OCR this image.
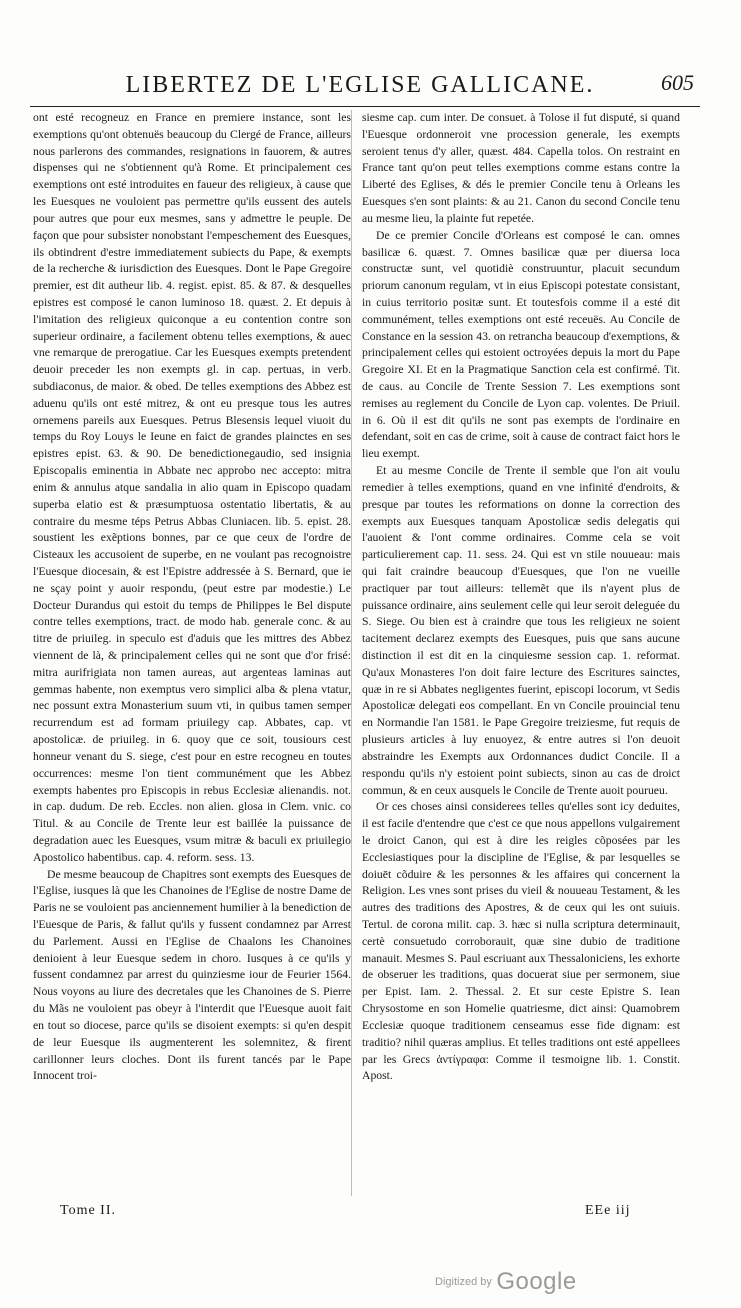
LIBERTEZ DE L'EGLISE GALLICANE.	605

ont esté recogneuz en France en premiere instance, sont les exemptions qu'ont obtenuës beaucoup du Clergé de France, ailleurs nous parlerons des commandes, resignations in fauorem, & autres dispenses qui ne s'obtiennent qu'à Rome. Et principalement ces exemptions ont esté introduites en faueur des religieux, à cause que les Euesques ne vouloient pas permettre qu'ils eussent des autels pour autres que pour eux mesmes, sans y admettre le peuple. De façon que pour subsister nonobstant l'empeschement des Euesques, ils obtindrent d'estre immediatement subiects du Pape, & exempts de la recherche & iurisdiction des Euesques. Dont le Pape Gregoire premier, est dit autheur lib. 4. regist. epist. 85. & 87. & desquelles epistres est composé le canon luminoso 18. quæst. 2. Et depuis à l'imitation des religieux quiconque a eu contention contre son superieur ordinaire, a facilement obtenu telles exemptions, & auec vne remarque de prerogatiue. Car les Euesques exempts pretendent deuoir preceder les non exempts gl. in cap. pertuas, in verb. subdiaconus, de maior. & obed. De telles exemptions des Abbez est aduenu qu'ils ont esté mitrez, & ont eu presque tous les autres ornemens pareils aux Euesques. Petrus Blesensis lequel viuoit du temps du Roy Louys le Ieune en faict de grandes plainctes en ses epistres epist. 63. & 90. De benedictionegaudio, sed insignia Episcopalis eminentia in Abbate nec approbo nec accepto: mitra enim & annulus atque sandalia in alio quam in Episcopo quadam superba elatio est & præsumptuosa ostentatio libertatis, & au contraire du mesme téps Petrus Abbas Cluniacen. lib. 5. epist. 28. soustient les exẽptions bonnes, par ce que ceux de l'ordre de Cisteaux les accusoient de superbe, en ne voulant pas recognoistre l'Euesque diocesain, & est l'Epistre addressée à S. Bernard, que ie ne sçay point y auoir respondu, (peut estre par modestie.) Le Docteur Durandus qui estoit du temps de Philippes le Bel dispute contre telles exemptions, tract. de modo hab. generale conc. & au titre de priuileg. in speculo est d'aduis que les mittres des Abbez viennent de là, & principalement celles qui ne sont que d'or frisé: mitra aurifrigiata non tamen aureas, aut argenteas laminas aut gemmas habente, non exemptus vero simplici alba & plena vtatur, nec possunt extra Monasterium suum vti, in quibus tamen semper recurrendum est ad formam priuilegy cap. Abbates, cap. vt apostolicæ. de priuileg. in 6. quoy que ce soit, tousiours cest honneur venant du S. siege, c'est pour en estre recogneu en toutes occurrences: mesme l'on tient communément que les Abbez exempts habentes pro Episcopis in rebus Ecclesiæ alienandis. not. in cap. dudum. De reb. Eccles. non alien. glosa in Clem. vnic. co Titul. & au Concile de Trente leur est baillée la puissance de degradation auec les Euesques, vsum mitræ & baculi ex priuilegio Apostolico habentibus. cap. 4. reform. sess. 13.

De mesme beaucoup de Chapitres sont exempts des Euesques de l'Eglise, iusques là que les Chanoines de l'Eglise de nostre Dame de Paris ne se vouloient pas anciennement humilier à la benediction de l'Euesque de Paris, & fallut qu'ils y fussent condamnez par Arrest du Parlement. Aussi en l'Eglise de Chaalons les Chanoines denioient à leur Euesque sedem in choro. Iusques à ce qu'ils y fussent condamnez par arrest du quinziesme iour de Feurier 1564. Nous voyons au liure des decretales que les Chanoines de S. Pierre du Mãs ne vouloient pas obeyr à l'interdit que l'Euesque auoit fait en tout so diocese, parce qu'ils se disoient exempts: si qu'en despit de leur Euesque ils augmenterent les solemnitez, & firent carillonner leurs cloches. Dont ils furent tancés par le Pape Innocent troi-

siesme cap. cum inter. De consuet. à Tolose il fut disputé, si quand l'Euesque ordonneroit vne procession generale, les exempts seroient tenus d'y aller, quæst. 484. Capella tolos. On restraint en France tant qu'on peut telles exemptions comme estans contre la Liberté des Eglises, & dés le premier Concile tenu à Orleans les Euesques s'en sont plaints: & au 21. Canon du second Concile tenu au mesme lieu, la plainte fut repetée.

De ce premier Concile d'Orleans est composé le can. omnes basilicæ 6. quæst. 7. Omnes basilicæ quæ per diuersa loca constructæ sunt, vel quotidiè construuntur, placuit secundum priorum canonum regulam, vt in eius Episcopi potestate consistant, in cuius territorio positæ sunt. Et toutesfois comme il a esté dit communément, telles exemptions ont esté receuës. Au Concile de Constance en la session 43. on retrancha beaucoup d'exemptions, & principalement celles qui estoient octroyées depuis la mort du Pape Gregoire XI. Et en la Pragmatique Sanction cela est confirmé. Tit. de caus. au Concile de Trente Session 7. Les exemptions sont remises au reglement du Concile de Lyon cap. volentes. De Priuil. in 6. Où il est dit qu'ils ne sont pas exempts de l'ordinaire en defendant, soit en cas de crime, soit à cause de contract faict hors le lieu exempt.

Et au mesme Concile de Trente il semble que l'on ait voulu remedier à telles exemptions, quand en vne infinité d'endroits, & presque par toutes les reformations on donne la correction des exempts aux Euesques tanquam Apostolicæ sedis delegatis qui l'auoient & l'ont comme ordinaires. Comme cela se voit particulierement cap. 11. sess. 24. Qui est vn stile nouueau: mais qui fait craindre beaucoup d'Euesques, que l'on ne vueille practiquer par tout ailleurs: tellemẽt que ils n'ayent plus de puissance ordinaire, ains seulement celle qui leur seroit deleguée du S. Siege. Ou bien est à craindre que tous les religieux ne soient tacitement declarez exempts des Euesques, puis que sans aucune distinction il est dit en la cinquiesme session cap. 1. reformat. Qu'aux Monasteres l'on doit faire lecture des Escritures sainctes, quæ in re si Abbates negligentes fuerint, episcopi locorum, vt Sedis Apostolicæ delegati eos compellant. En vn Concile prouincial tenu en Normandie l'an 1581. le Pape Gregoire treiziesme, fut requis de plusieurs articles à luy enuoyez, & entre autres si l'on deuoit abstraindre les Exempts aux Ordonnances dudict Concile. Il a respondu qu'ils n'y estoient point subiects, sinon au cas de droict commun, & en ceux ausquels le Concile de Trente auoit pourueu.

Or ces choses ainsi considerees telles qu'elles sont icy deduites, il est facile d'entendre que c'est ce que nous appellons vulgairement le droict Canon, qui est à dire les reigles cõposées par les Ecclesiastiques pour la discipline de l'Eglise, & par lesquelles se doiuēt cõduire & les personnes & les affaires qui concernent la Religion. Les vnes sont prises du vieil & nouueau Testament, & les autres des traditions des Apostres, & de ceux qui les ont suiuis. Tertul. de corona milit. cap. 3. hæc si nulla scriptura determinauit, certè consuetudo corroborauit, quæ sine dubio de traditione manauit. Mesmes S. Paul escriuant aux Thessaloniciens, les exhorte de obseruer les traditions, quas docuerat siue per sermonem, siue per Epist. Iam. 2. Thessal. 2. Et sur ceste Epistre S. Iean Chrysostome en son Homelie quatriesme, dict ainsi: Quamobrem Ecclesiæ quoque traditionem censeamus esse fide dignam: est traditio? nihil quæras amplius. Et telles traditions ont esté appellees par les Grecs ἀντίγραφα: Comme il tesmoigne lib. 1. Constit. Apost.

Tome II.	EEe iij
Digitized by Google
